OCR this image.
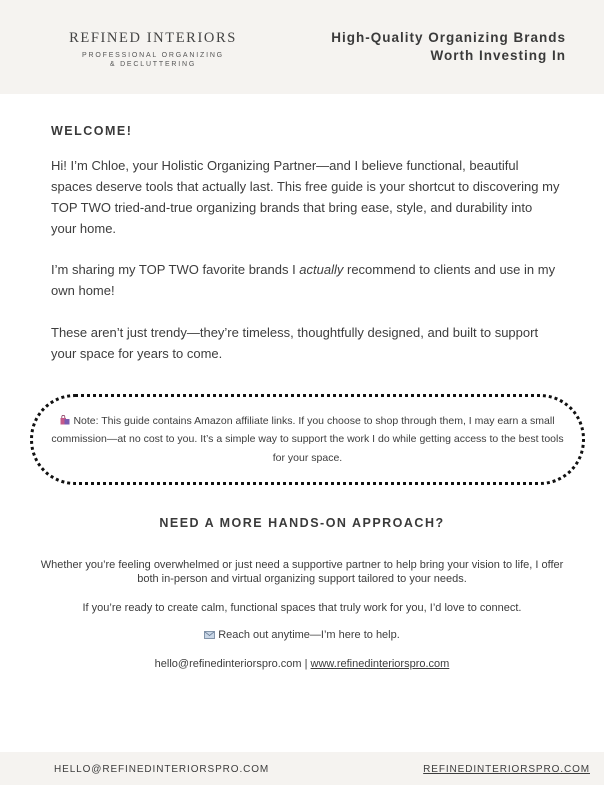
REFINED INTERIORS
PROFESSIONAL ORGANIZING
& DECLUTTERING
High-Quality Organizing Brands
Worth Investing In
WELCOME!

Hi! I’m Chloe, your Holistic Organizing Partner—and I believe functional, beautiful spaces deserve tools that actually last. This free guide is your shortcut to discovering my TOP TWO tried-and-true organizing brands that bring ease, style, and durability into your home.

I’m sharing my TOP TWO favorite brands I actually recommend to clients and use in my own home!

These aren’t just trendy—they’re timeless, thoughtfully designed, and built to support your space for years to come.

Note: This guide contains Amazon affiliate links. If you choose to shop through them, I may earn a small commission—at no cost to you. It’s a simple way to support the work I do while getting access to the best tools for your space.

NEED A MORE HANDS-ON APPROACH?

Whether you’re feeling overwhelmed or just need a supportive partner to help bring your vision to life, I offer both in-person and virtual organizing support tailored to your needs.

If you’re ready to create calm, functional spaces that truly work for you, I’d love to connect.

Reach out anytime—I’m here to help.

hello@refinedinteriorspro.com | www.refinedinteriorspro.com

HELLO@REFINEDINTERIORSPRO.COM	REFINEDINTERIORSPRO.COM
